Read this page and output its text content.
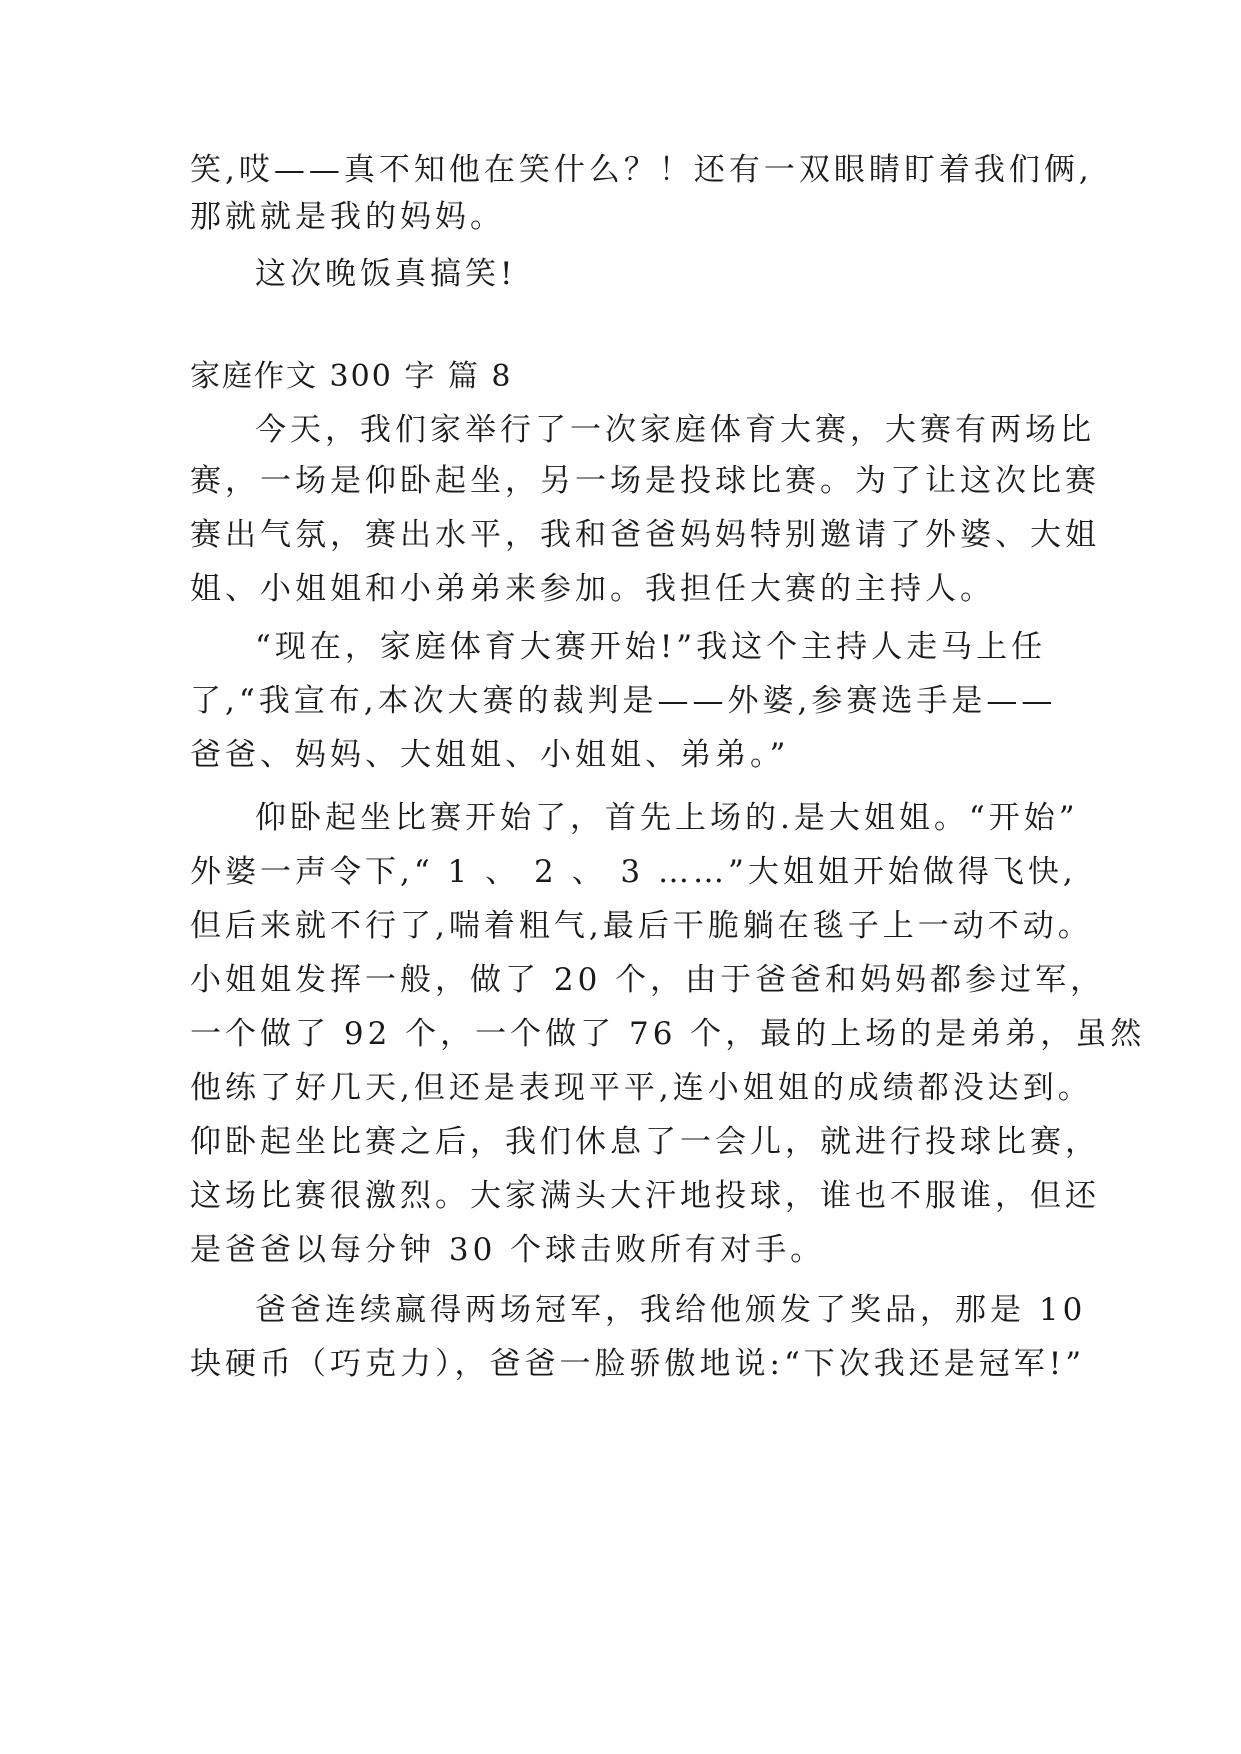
笑,哎——真不知他在笑什么？！还有一双眼睛盯着我们俩,
那就就是我的妈妈。
这次晚饭真搞笑!
家庭作文 300 字 篇 8
今天，我们家举行了一次家庭体育大赛，大赛有两场比
赛，一场是仰卧起坐，另一场是投球比赛。为了让这次比赛
赛出气氛，赛出水平，我和爸爸妈妈特别邀请了外婆、大姐
姐、小姐姐和小弟弟来参加。我担任大赛的主持人。
“现在，家庭体育大赛开始!”我这个主持人走马上任
了,“我宣布,本次大赛的裁判是——外婆,参赛选手是——
爸爸、妈妈、大姐姐、小姐姐、弟弟。”
仰卧起坐比赛开始了，首先上场的.是大姐姐。“开始”
外婆一声令下,“ 1 、 2 、 3 ……”大姐姐开始做得飞快,
但后来就不行了,喘着粗气,最后干脆躺在毯子上一动不动。
小姐姐发挥一般，做了 20 个，由于爸爸和妈妈都参过军，
一个做了 92 个，一个做了 76 个，最的上场的是弟弟，虽然
他练了好几天,但还是表现平平,连小姐姐的成绩都没达到。
仰卧起坐比赛之后，我们休息了一会儿，就进行投球比赛，
这场比赛很激烈。大家满头大汗地投球，谁也不服谁，但还
是爸爸以每分钟 30 个球击败所有对手。
爸爸连续赢得两场冠军，我给他颁发了奖品，那是 10
块硬币（巧克力），爸爸一脸骄傲地说:“下次我还是冠军!”
